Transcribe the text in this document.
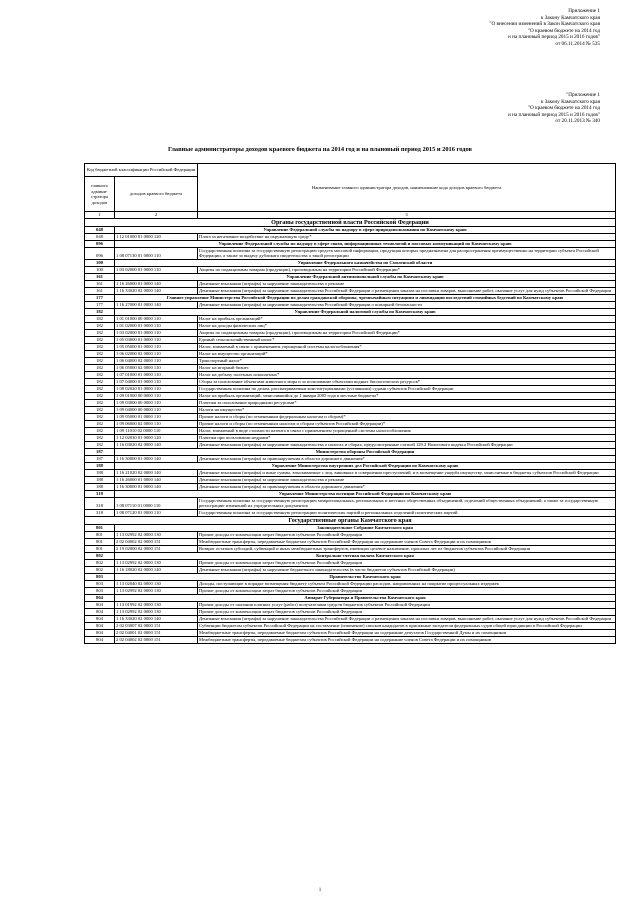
Приложение 1
к Закону Камчатского края
"О внесении изменений в Закон Камчатского края
"О краевом бюджете на 2014 год
и на плановый период 2015 и 2016 годов"
от 06.11.2014 № 535
"Приложение 1
к Закону Камчатского края
"О краевом бюджете на 2014 год
и на плановый период 2015 и 2016 годов"
от 20.11.2013 № 340
Главные администраторы доходов краевого бюджета на 2014 год и на плановый период 2015 и 2016 годов
Код бюджетной классификации Российской Федерации		Наименование главного администратора доходов, наименование кода доходов краевого бюджета
главного админи-стратора доходов	доходов краевого бюджета	
1	2	3
Органы государственной власти Российской Федерации		
048	Управление Федеральной службы по надзору в сфере природопользования по Камчатскому краю	
048	1 12 01000 01 0000 120	Плата за негативное воздействие на окружающую среду*
096	Управление Федеральной службы по надзору в сфере связи, информационных технологий и массовых коммуникаций по Камчатскому краю	
096	1 08 07130 01 0000 110	Государственная пошлина за государственную регистрацию средств массовой информации, продукция которых предназначена для распространения преимущественно на территории субъекта Российской Федерации, а также за выдачу дубликата свидетельства о такой регистрации
100	Управление Федерального казначейства по Смоленской области	
100	1 03 02000 01 0000 110	Акцизы по подакцизным товарам (продукции), производимым на территории Российской Федерации*
161	Управление Федеральной антимонопольной службы по Камчатскому краю	
161	1 16 26000 01 0000 140	Денежные взыскания (штрафы) за нарушение законодательства о рекламе
161	1 16 33020 02 0000 140	Денежные взыскания (штрафы) за нарушение законодательства Российской Федерации о размещении заказов на поставки товаров, выполнение работ, оказание услуг для нужд субъектов Российской Федерации
177	Главное управление Министерства Российской Федерации по делам гражданской обороны, чрезвычайным ситуациям и ликвидации последствий стихийных бедствий по Камчатскому краю	
177	1 16 27000 01 0000 140	Денежные взыскания (штрафы) за нарушение законодательства Российской Федерации о пожарной безопасности
182	Управление Федеральной налоговой службы по Камчатскому краю	
182	1 01 01000 00 0000 110	Налог на прибыль организаций*
182	1 01 02000 01 0000 110	Налог на доходы физических лиц*
182	1 03 02000 01 0000 110	Акцизы по подакцизным товарам (продукции), производимым на территории Российской Федерации*
182	1 05 03000 01 0000 110	Единый сельскохозяйственный налог*
182	1 05 05000 01 0000 110	Налог, взимаемый в связи с применением упрощенной системы налогообложения*
182	1 06 02000 02 0000 110	Налог на имущество организаций*
182	1 06 04000 02 0000 110	Транспортный налог*
182	1 06 05000 02 0000 110	Налог на игорный бизнес
182	1 07 01000 01 0000 110	Налог на добычу полезных ископаемых*
182	1 07 04000 01 0000 110	Сборы за пользование объектами животного мира и за пользование объектами водных биологических ресурсов*
182	1 08 02020 01 0000 110	Государственная пошлина по делам, рассматриваемым конституционными (уставными) судами субъектов Российской Федерации
182	1 09 01000 00 0000 110	Налог на прибыль организаций, зачислявшийся до 1 января 2005 года в местные бюджеты*
182	1 09 03000 00 0000 110	Платежи за пользование природными ресурсами*
182	1 09 04000 00 0000 110	Налоги на имущество*
182	1 09 05000 01 0000 110	Прочие налоги и сборы (по отмененным федеральным налогам и сборам)*
182	1 09 06000 02 0000 110	Прочие налоги и сборы (по отмененным налогам и сборам субъектов Российской Федерации)*
182	1 09 11010 02 0000 110	Налог, взимаемый в виде стоимости патента в связи с применением упрощенной системы налогообложения
182	1 12 02030 01 0000 120	Платежи при пользовании недрами*
182	1 16 03020 02 0000 140	Денежные взыскания (штрафы) за нарушение законодательства о налогах и сборах, предусмотренные статьей 129.2 Налогового кодекса Российской Федерации
187	Министерство обороны Российской Федерации	
187	1 16 30000 01 0000 140	Денежные взыскания (штрафы) за правонарушения в области дорожного движения*
188	Управление Министерства внутренних дел Российской Федерации по Камчатскому краю	
188	1 16 21020 02 0000 140	Денежные взыскания (штрафы) и иные суммы, взыскиваемые с лиц, виновных в совершении преступлений, и в возмещение ущерба имуществу, зачисляемые в бюджеты субъектов Российской Федерации
188	1 16 26000 01 0000 140	Денежные взыскания (штрафы) за нарушение законодательства о рекламе
188	1 16 30000 01 0000 140	Денежные взыскания (штрафы) за правонарушения в области дорожного движения*
318	Управление Министерства юстиции Российской Федерации по Камчатскому краю	
318	1 08 07110 01 0000 110	Государственная пошлина за государственную регистрацию межрегиональных, региональных и местных общественных объединений, отделений общественных объединений, а также за государственную регистрацию изменений их учредительных документов
318	1 08 07120 01 0000 110	Государственная пошлина за государственную регистрацию политических партий и региональных отделений политических партий
Государственные органы Камчатского края		
801	Законодательное Собрание Камчатского края	
801	1 13 02992 02 0000 130	Прочие доходы от компенсации затрат бюджетов субъектов Российской Федерации
801	2 02 04002 02 0000 151	Межбюджетные трансферты, передаваемые бюджетам субъектов Российской Федерации на содержание членов Совета Федерации и их помощников
801	2 19 02000 02 0000 151	Возврат остатков субсидий, субвенций и иных межбюджетных трансфертов, имеющих целевое назначение, прошлых лет из бюджетов субъектов Российской Федерации
802	Контрольно-счетная палата Камчатского края	
802	1 13 02992 02 0000 130	Прочие доходы от компенсации затрат бюджетов субъектов Российской Федерации
802	1 16 18020 02 0000 140	Денежные взыскания (штрафы) за нарушение бюджетного законодательства (в части бюджетов субъектов Российской Федерации)
803	Правительство Камчатского края	
803	1 13 02040 02 0000 130	Доходы, поступающие в порядке возмещения бюджету субъекта Российской Федерации расходов, направленных на покрытие процессуальных издержек
803	1 13 02992 02 0000 130	Прочие доходы от компенсации затрат бюджетов субъектов Российской Федерации
804	Аппарат Губернатора и Правительства Камчатского края	
804	1 13 01992 02 0000 130	Прочие доходы от оказания платных услуг (работ) получателями средств бюджетов субъектов Российской Федерации
804	1 13 02992 02 0000 130	Прочие доходы от компенсации затрат бюджетов субъектов Российской Федерации
804	1 16 33020 02 0000 140	Денежные взыскания (штрафы) за нарушение законодательства Российской Федерации о размещении заказов на поставки товаров, выполнение работ, оказание услуг для нужд субъектов Российской Федерации
804	2 02 03007 02 0000 151	Субвенции бюджетам субъектов Российской Федерации на составление (изменение) списков кандидатов в присяжные заседатели федеральных судов общей юрисдикции в Российской Федерации
804	2 02 04001 02 0000 151	Межбюджетные трансферты, передаваемые бюджетам субъектов Российской Федерации на содержание депутатов Государственной Думы и их помощников
804	2 02 04002 02 0000 151	Межбюджетные трансферты, передаваемые бюджетам субъектов Российской Федерации на содержание членов Совета Федерации и их помощников
1
